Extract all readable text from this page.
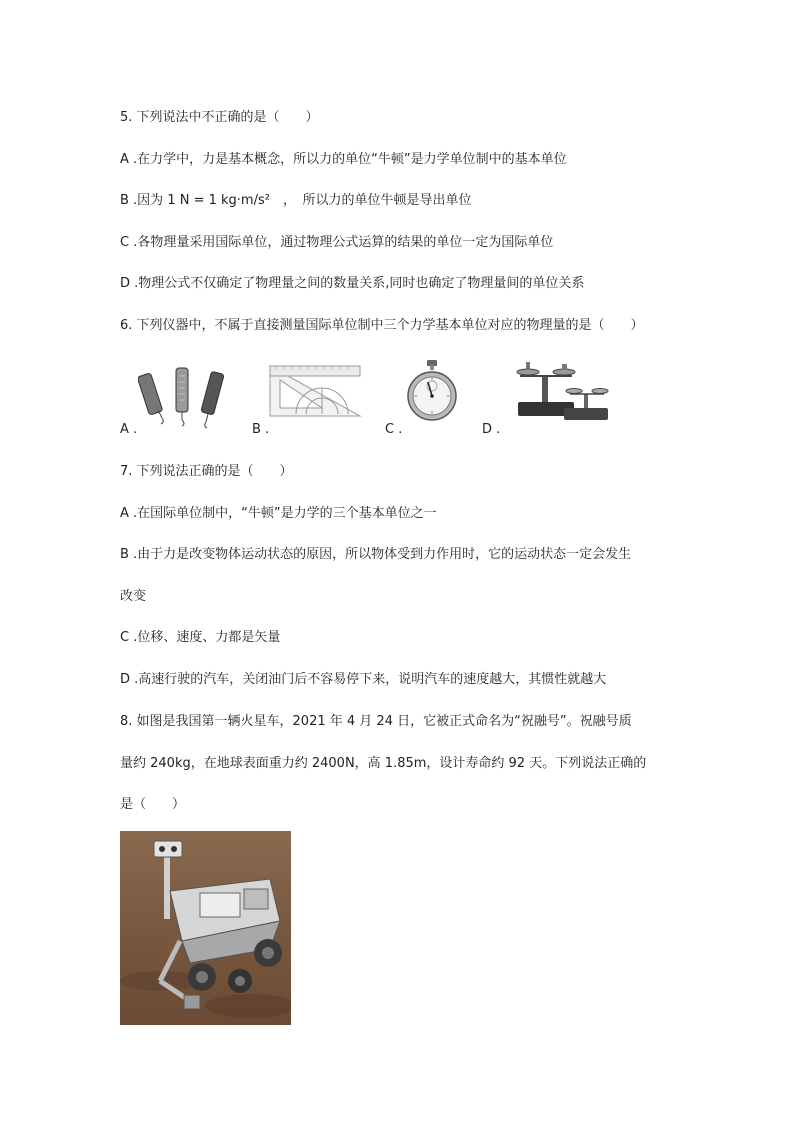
5. 下列说法中不正确的是（　　）
A .在力学中，力是基本概念，所以力的单位“牛顿”是力学单位制中的基本单位
B .因为 1 N = 1 kg·m/s²　，　所以力的单位牛顿是导出单位
C .各物理量采用国际单位，通过物理公式运算的结果的单位一定为国际单位
D .物理公式不仅确定了物理量之间的数量关系,同时也确定了物理量间的单位关系
6. 下列仪器中，不属于直接测量国际单位制中三个力学基本单位对应的物理量的是（　　）
A .	B .	C .	D .
7. 下列说法正确的是（　　）
A .在国际单位制中，“牛顿”是力学的三个基本单位之一
B .由于力是改变物体运动状态的原因，所以物体受到力作用时，它的运动状态一定会发生
改变
C .位移、速度、力都是矢量
D .高速行驶的汽车，关闭油门后不容易停下来，说明汽车的速度越大，其惯性就越大
8. 如图是我国第一辆火星车，2021 年 4 月 24 日，它被正式命名为“祝融号”。祝融号质
量约 240kg，在地球表面重力约 2400N，高 1.85m，设计寿命约 92 天。下列说法正确的
是（　　）
